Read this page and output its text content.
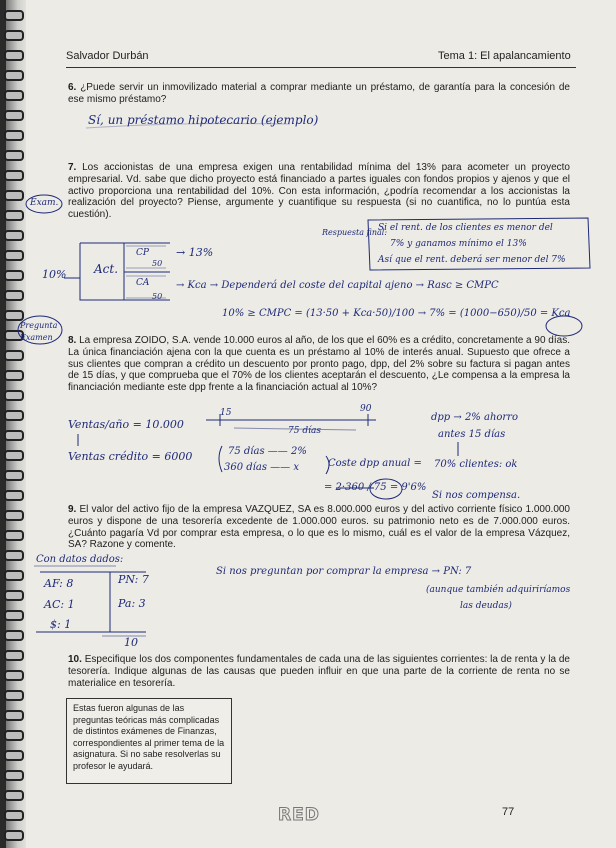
Salvador Durbán	Tema 1: El apalancamiento
6. ¿Puede servir un inmovilizado material a comprar mediante un préstamo, de garantía para la concesión de ese mismo préstamo?
Sí, un préstamo hipotecario (ejemplo)
7. Los accionistas de una empresa exigen una rentabilidad mínima del 13% para acometer un proyecto empresarial. Vd. sabe que dicho proyecto está financiado a partes iguales con fondos propios y ajenos y que el activo proporciona una rentabilidad del 10%. Con esta información, ¿podría recomendar a los accionistas la realización del proyecto? Piense, argumente y cuantifique su respuesta (si no cuantifica, no lo puntúa esta cuestión).
Exam.
Respuesta final:
Si el rent. de los clientes es menor del
7% y ganamos mínimo el 13%
Así que el rent. deberá ser menor del 7%
10% Act.
CP
50
CA
50
→ 13%
→ Kca → Dependerá del coste del capital ajeno → Rasc ≥ CMPC
10% ≥ CMPC = (13·50 + Kca·50)/100 → 7% = (1000−650)/50 = Kca
Pregunta Examen	8. La empresa ZOIDO, S.A. vende 10.000 euros al año, de los que el 60% es a crédito, concretamente a 90 días. La única financiación ajena con la que cuenta es un préstamo al 10% de interés anual. Supuesto que ofrece a sus clientes que compran a crédito un descuento por pronto pago, dpp, del 2% sobre su factura si pagan antes de 15 días, y que comprueba que el 70% de los clientes aceptarán el descuento, ¿Le compensa a la empresa la financiación mediante este dpp frente a la financiación actual al 10%?
Ventas/año = 10.000
Ventas crédito = 6000
15
75 días
90
dpp → 2% ahorro
antes 15 días
70% clientes: ok
75 días —— 2%
360 días —— x	Coste dpp anual =
= 2·360 / 75 = 9'6%
Si nos compensa.
9. El valor del activo fijo de la empresa VAZQUEZ, SA es 8.000.000 euros y del activo corriente físico 1.000.000 euros y dispone de una tesorería excedente de 1.000.000 euros. su patrimonio neto es de 7.000.000 euros. ¿Cuánto pagaría Vd por comprar esta empresa, o lo que es lo mismo, cuál es el valor de la empresa Vázquez, SA? Razone y comente.
Con datos dados:
AF: 8
AC: 1
$: 1
PN: 7
Pa: 3
10
Si nos preguntan por comprar la empresa → PN: 7
(aunque también adquiriríamos
las deudas)
10. Especifique los dos componentes fundamentales de cada una de las siguientes corrientes: la de renta y la de tesorería. Indique algunas de las causas que pueden influir en que una parte de la corriente de renta no se materialice en tesorería.
Estas fueron algunas de las preguntas teóricas más complicadas de distintos exámenes de Finanzas, correspondientes al primer tema de la asignatura. Si no sabe resolverlas su profesor le ayudará.
RED	77
